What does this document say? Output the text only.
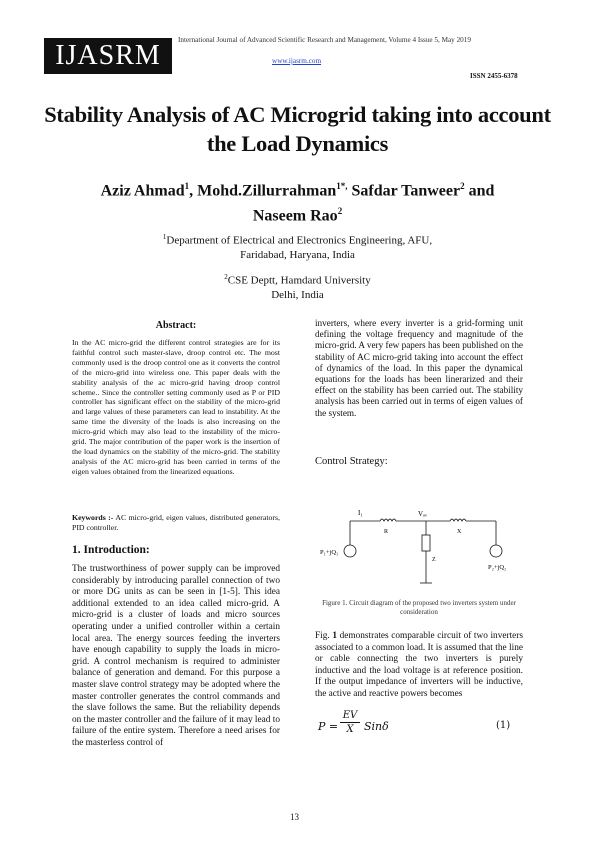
IJASRM	International Journal of Advanced Scientific Research and Management, Volume 4 Issue 5, May 2019
www.ijasrm.com
ISSN 2455-6378
Stability Analysis of AC Microgrid taking into account the Load Dynamics
Aziz Ahmad$^1$, Mohd.Zillurrahman$^{1*,}$ Safdar Tanweer$^2$ and
Naseem Rao$^2$
$^1$Department of Electrical and Electronics Engineering, AFU,
Faridabad, Haryana, India
$^2$CSE Deptt, Hamdard University
Delhi, India
Abstract:
In the AC micro-grid the different control strategies are for its faithful control such master-slave, droop control etc. The most commonly used is the droop control one as it converts the control of the micro-grid into wireless one. This paper deals with the stability analysis of the ac micro-grid having droop control scheme.. Since the controller setting commonly used as P or PID controller has significant effect on the stability of the micro-grid and large values of these parameters can lead to instability. At the same time the diversity of the loads is also increasing on the micro-grid which may also lead to the instability of the micro-grid. The major contribution of the paper work is the insertion of the load dynamics on the stability of the micro-grid. The stability analysis of the AC micro-grid has been carried in terms of the eigen values obtained from the linearized equations.
Keywords :- AC micro-grid, eigen values, distributed generators, PID controller.
1. Introduction:
The trustworthiness of power supply can be improved considerably by introducing parallel connection of two or more DG units as can be seen in [1-5]. This idea additional extended to an idea called micro-grid. A micro-grid is a cluster of loads and micro sources operating under a unified controller within a certain local area. The energy sources feeding the inverters have enough capability to supply the loads in micro-grid. A control mechanism is required to administer balance of generation and demand. For this purpose a master slave control strategy may be adopted where the master controller generates the control commands and the slave follows the same. But the reliability depends on the master controller and the failure of it may lead to failure of the entire system. Therefore a need arises for the masterless control of
inverters, where every inverter is a grid-forming unit defining the voltage frequency and magnitude of the micro-grid. A very few papers has been published on the stability of AC micro-grid taking into account the effect of dynamics of the load. In this paper the dynamical equations for the loads has been linerarized and their effect on the stability has been carried out. The stability analysis has been carried out in terms of eigen values of the system.
Control Strategy:
I₁	Vₐᵥ
R	X
Z
P₁+jQ₁
P₂+jQ₂
Figure 1. Circuit diagram of the proposed two inverters system under consideration
Fig. 1 demonstrates comparable circuit of two inverters associated to a common load. It is assumed that the line or cable connecting the two inverters is purely inductive and the load voltage is at reference position. If the output impedance of inverters will be inductive, the active and reactive powers becomes
P =
EV
X Sinδ	(1)
13
